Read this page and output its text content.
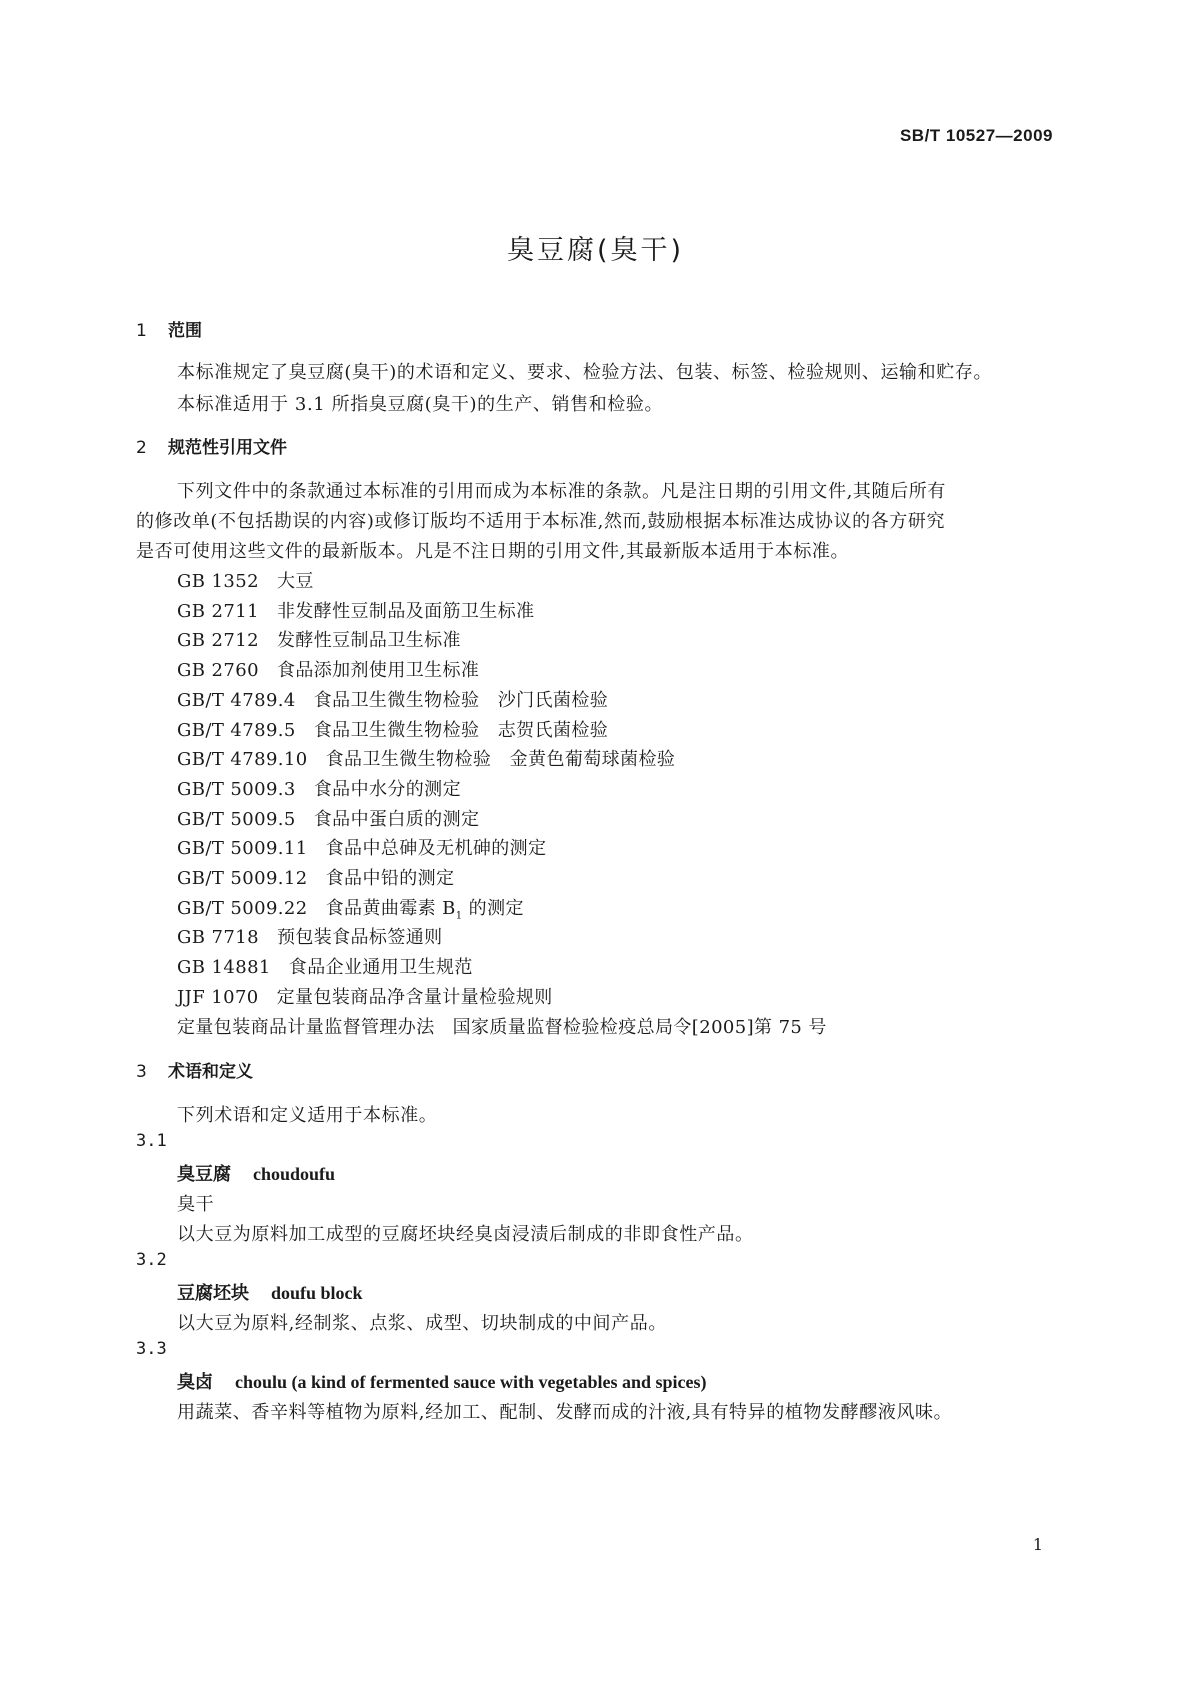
SB/T 10527—2009
臭豆腐(臭干)
1 范围
本标准规定了臭豆腐(臭干)的术语和定义、要求、检验方法、包装、标签、检验规则、运输和贮存。
本标准适用于 3.1 所指臭豆腐(臭干)的生产、销售和检验。
2 规范性引用文件
下列文件中的条款通过本标准的引用而成为本标准的条款。凡是注日期的引用文件,其随后所有
的修改单(不包括勘误的内容)或修订版均不适用于本标准,然而,鼓励根据本标准达成协议的各方研究
是否可使用这些文件的最新版本。凡是不注日期的引用文件,其最新版本适用于本标准。
GB 1352 大豆
GB 2711 非发酵性豆制品及面筋卫生标准
GB 2712 发酵性豆制品卫生标准
GB 2760 食品添加剂使用卫生标准
GB/T 4789.4 食品卫生微生物检验　沙门氏菌检验
GB/T 4789.5 食品卫生微生物检验　志贺氏菌检验
GB/T 4789.10 食品卫生微生物检验　金黄色葡萄球菌检验
GB/T 5009.3 食品中水分的测定
GB/T 5009.5 食品中蛋白质的测定
GB/T 5009.11 食品中总砷及无机砷的测定
GB/T 5009.12 食品中铅的测定
GB/T 5009.22 食品黄曲霉素 $B_1$ 的测定
GB 7718 预包装食品标签通则
GB 14881 食品企业通用卫生规范
JJF 1070 定量包装商品净含量计量检验规则
定量包装商品计量监督管理办法 国家质量监督检验检疫总局令[2005]第 75 号
3 术语和定义
下列术语和定义适用于本标准。
3.1
臭豆腐 choudoufu
臭干
以大豆为原料加工成型的豆腐坯块经臭卤浸渍后制成的非即食性产品。
3.2
豆腐坯块 doufu block
以大豆为原料,经制浆、点浆、成型、切块制成的中间产品。
3.3
臭卤 choulu (a kind of fermented sauce with vegetables and spices)
用蔬菜、香辛料等植物为原料,经加工、配制、发酵而成的汁液,具有特异的植物发酵醪液风味。
1
